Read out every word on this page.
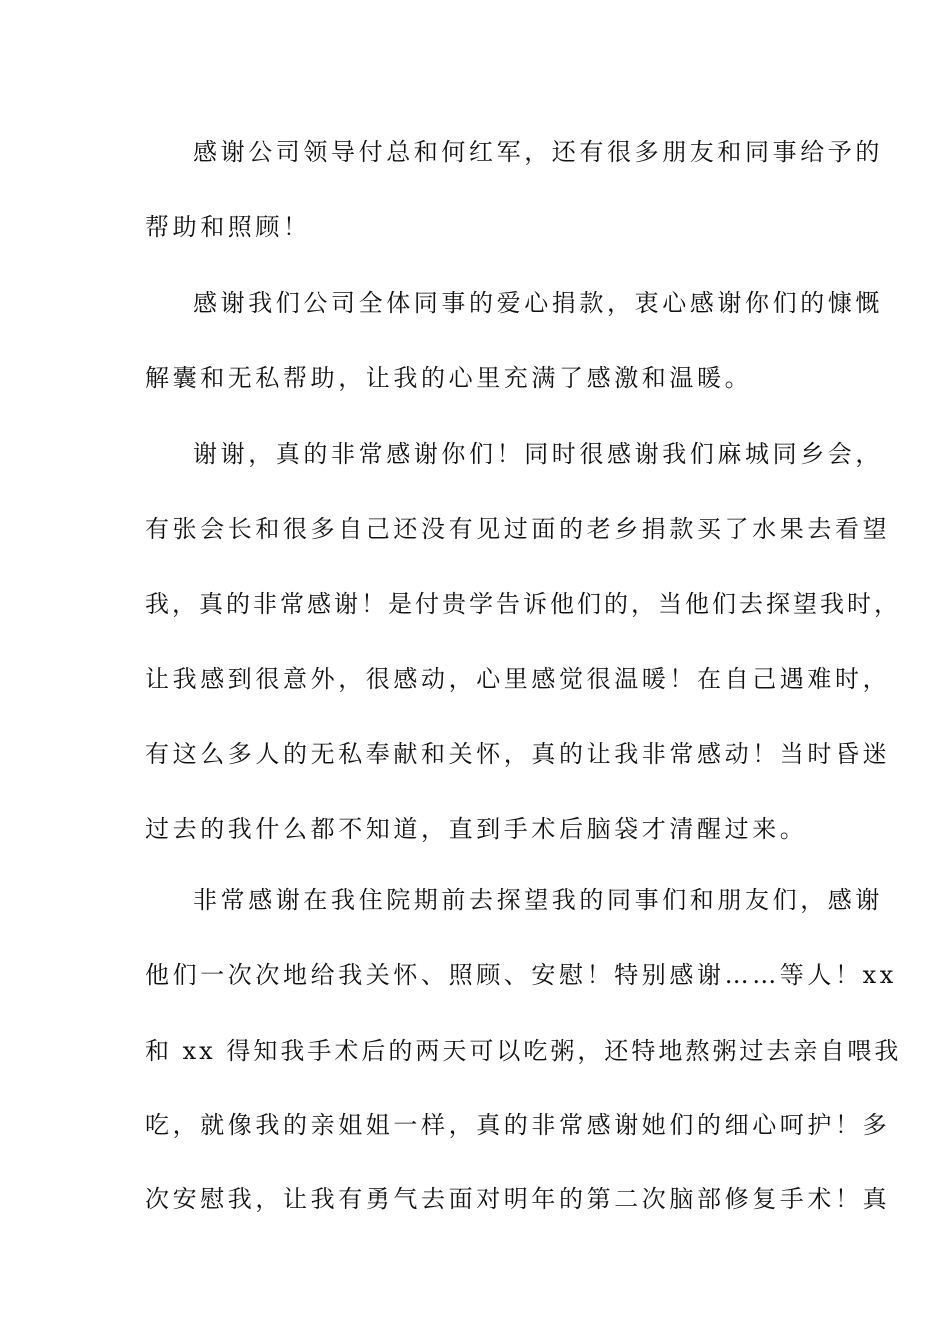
感谢公司领导付总和何红军，还有很多朋友和同事给予的
帮助和照顾！
感谢我们公司全体同事的爱心捐款，衷心感谢你们的慷慨
解囊和无私帮助，让我的心里充满了感激和温暖。
谢谢，真的非常感谢你们！同时很感谢我们麻城同乡会，
有张会长和很多自己还没有见过面的老乡捐款买了水果去看望
我，真的非常感谢！是付贵学告诉他们的，当他们去探望我时，
让我感到很意外，很感动，心里感觉很温暖！在自己遇难时，
有这么多人的无私奉献和关怀，真的让我非常感动！当时昏迷
过去的我什么都不知道，直到手术后脑袋才清醒过来。
非常感谢在我住院期前去探望我的同事们和朋友们，感谢
他们一次次地给我关怀、照顾、安慰！特别感谢……等人！xx
和 xx 得知我手术后的两天可以吃粥，还特地熬粥过去亲自喂我
吃，就像我的亲姐姐一样，真的非常感谢她们的细心呵护！多
次安慰我，让我有勇气去面对明年的第二次脑部修复手术！真
